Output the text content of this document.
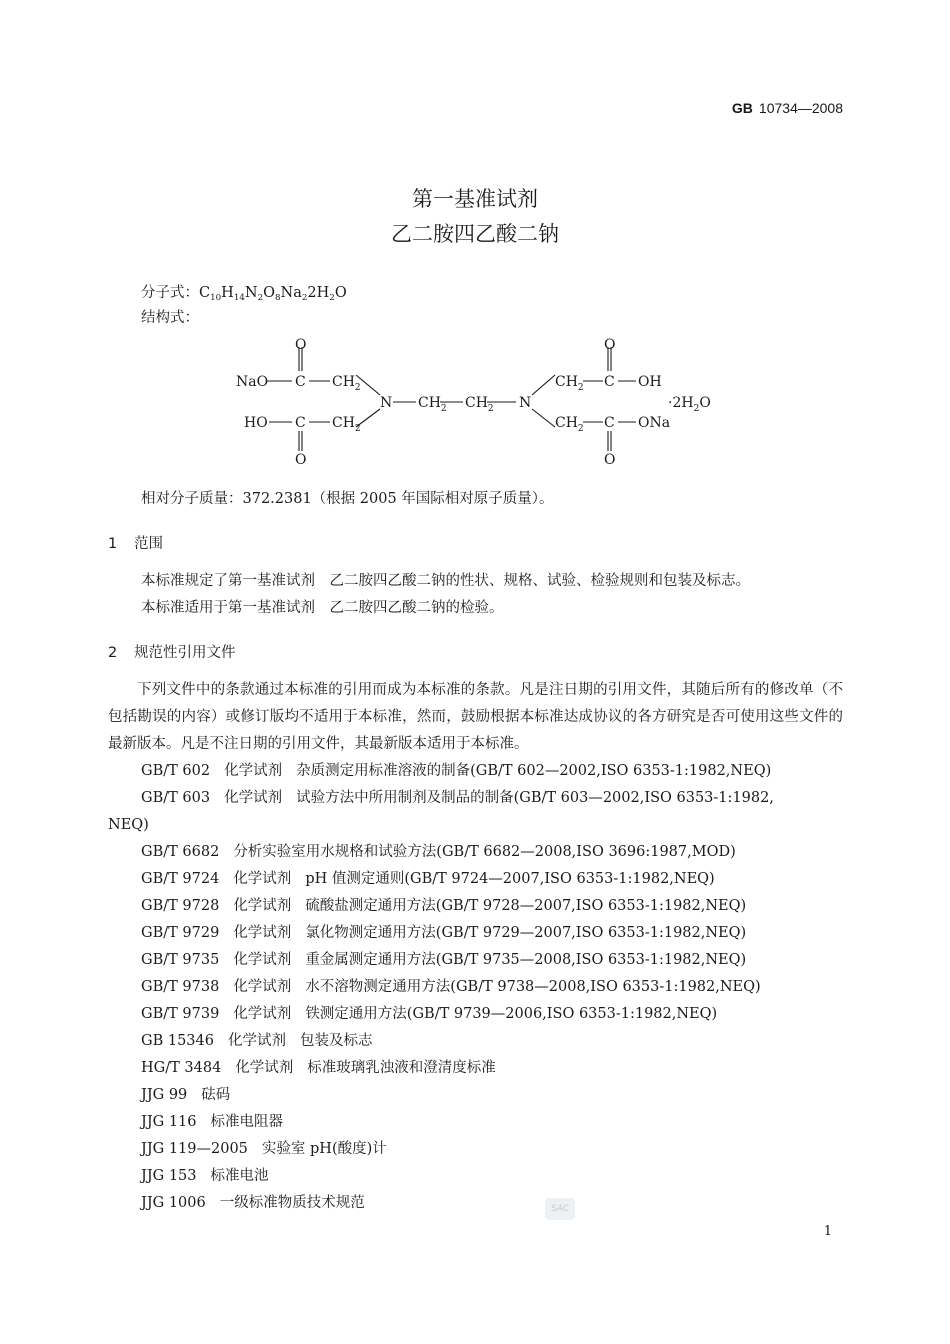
GB 10734—2008
第一基准试剂
乙二胺四乙酸二钠
分子式：$C_{10}H_{14}N_2O_8Na_22H_2O$
结构式：
O
NaO C $CH_2$
HO C $CH_2$
O
N $CH_2$ $CH_2$ N
O
$CH_2$ C OH
$CH_2$ C ONa
O
$\cdot 2H_2O$
相对分子质量：372.2381（根据 2005 年国际相对原子质量）。
1 范围
本标准规定了第一基准试剂　乙二胺四乙酸二钠的性状、规格、试验、检验规则和包装及标志。
本标准适用于第一基准试剂　乙二胺四乙酸二钠的检验。
2 规范性引用文件
下列文件中的条款通过本标准的引用而成为本标准的条款。凡是注日期的引用文件，其随后所有的修改单（不包括勘误的内容）或修订版均不适用于本标准，然而，鼓励根据本标准达成协议的各方研究是否可使用这些文件的最新版本。凡是不注日期的引用文件，其最新版本适用于本标准。
GB/T 602 化学试剂 杂质测定用标准溶液的制备(GB/T 602—2002,ISO 6353-1:1982,NEQ)
GB/T 603 化学试剂 试验方法中所用制剂及制品的制备(GB/T 603—2002,ISO 6353-1:1982,
NEQ)
GB/T 6682 分析实验室用水规格和试验方法(GB/T 6682—2008,ISO 3696:1987,MOD)
GB/T 9724 化学试剂 pH 值测定通则(GB/T 9724—2007,ISO 6353-1:1982,NEQ)
GB/T 9728 化学试剂 硫酸盐测定通用方法(GB/T 9728—2007,ISO 6353-1:1982,NEQ)
GB/T 9729 化学试剂 氯化物测定通用方法(GB/T 9729—2007,ISO 6353-1:1982,NEQ)
GB/T 9735 化学试剂 重金属测定通用方法(GB/T 9735—2008,ISO 6353-1:1982,NEQ)
GB/T 9738 化学试剂 水不溶物测定通用方法(GB/T 9738—2008,ISO 6353-1:1982,NEQ)
GB/T 9739 化学试剂 铁测定通用方法(GB/T 9739—2006,ISO 6353-1:1982,NEQ)
GB 15346 化学试剂 包装及标志
HG/T 3484 化学试剂 标准玻璃乳浊液和澄清度标准
JJG 99 砝码
JJG 116 标准电阻器
JJG 119—2005 实验室 pH(酸度)计
JJG 153 标准电池
JJG 1006 一级标准物质技术规范	SAC
1
